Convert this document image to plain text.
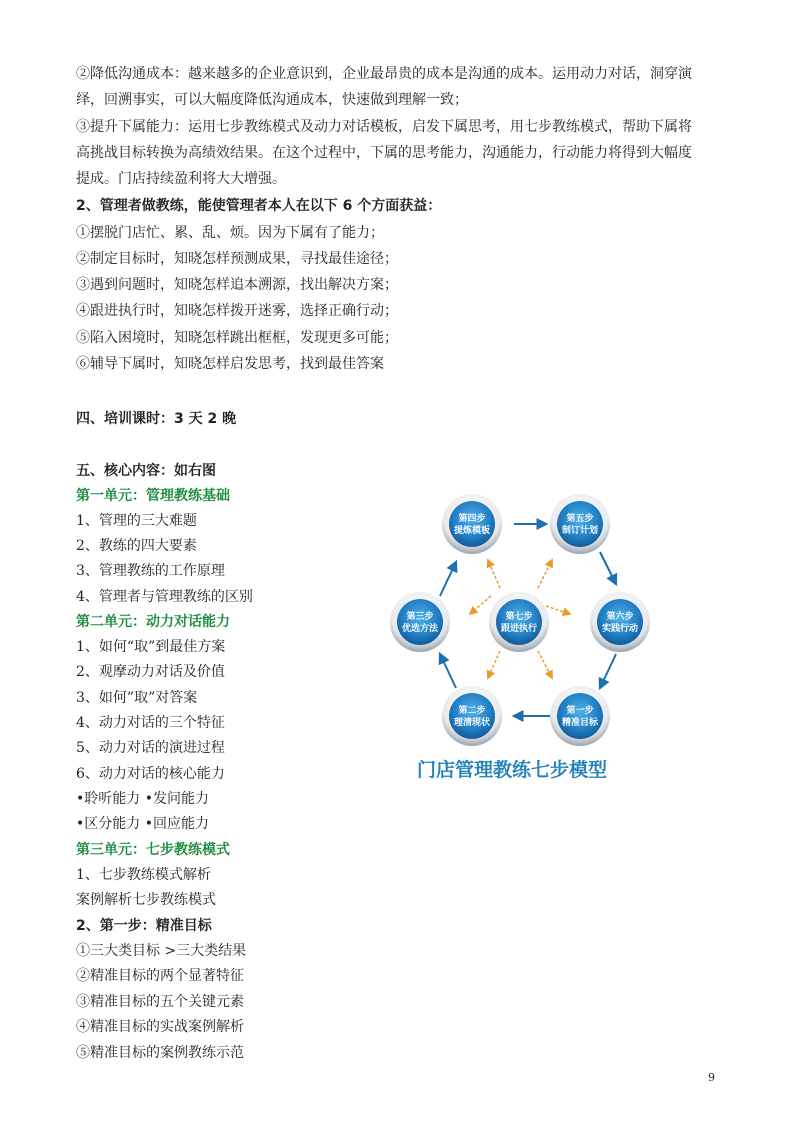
②降低沟通成本：越来越多的企业意识到，企业最昂贵的成本是沟通的成本。运用动力对话，洞穿演
绎，回溯事实，可以大幅度降低沟通成本，快速做到理解一致；
③提升下属能力：运用七步教练模式及动力对话模板，启发下属思考，用七步教练模式，帮助下属将
高挑战目标转换为高绩效结果。在这个过程中，下属的思考能力，沟通能力，行动能力将得到大幅度
提成。门店持续盈利将大大增强。
2、管理者做教练，能使管理者本人在以下 6 个方面获益：
①摆脱门店忙、累、乱、烦。因为下属有了能力；
②制定目标时，知晓怎样预测成果，寻找最佳途径；
③遇到问题时，知晓怎样追本溯源，找出解决方案；
④跟进执行时，知晓怎样拨开迷雾，选择正确行动；
⑤陷入困境时，知晓怎样跳出框框，发现更多可能；
⑥辅导下属时，知晓怎样启发思考，找到最佳答案
四、培训课时：3 天 2 晚
五、核心内容：如右图
第一单元：管理教练基础
1、管理的三大难题
2、教练的四大要素
3、管理教练的工作原理
4、管理者与管理教练的区别
第二单元：动力对话能力
1、如何“取”到最佳方案
2、观摩动力对话及价值
3、如何”取”对答案
4、动力对话的三个特征
5、动力对话的演进过程
6、动力对话的核心能力
•聆听能力 •发问能力
•区分能力 •回应能力
第三单元：七步教练模式
1、七步教练模式解析
案例解析七步教练模式
2、第一步：精准目标
①三大类目标 >三大类结果
②精准目标的两个显著特征
③精准目标的五个关键元素
④精准目标的实战案例解析
⑤精准目标的案例教练示范
第四步
提炼模板
第五步
制订计划
第三步
优选方法
第七步
跟进执行
第六步
实践行动
第二步
理清现状
第一步
精准目标
门店管理教练七步模型
9
